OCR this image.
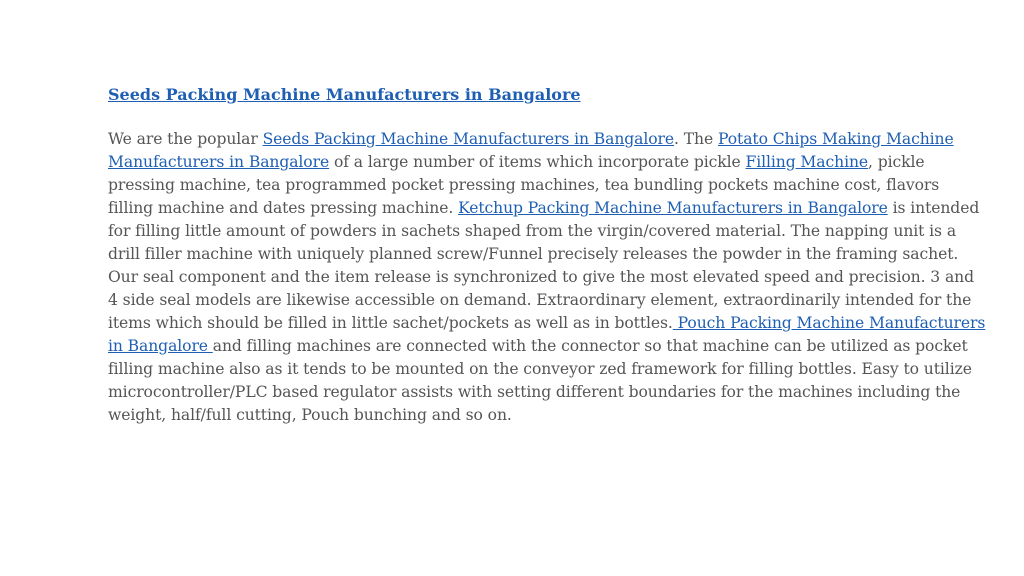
Seeds Packing Machine Manufacturers in Bangalore

We are the popular Seeds Packing Machine Manufacturers in Bangalore. The Potato Chips Making Machine Manufacturers in Bangalore of a large number of items which incorporate pickle Filling Machine, pickle pressing machine, tea programmed pocket pressing machines, tea bundling pockets machine cost, flavors filling machine and dates pressing machine. Ketchup Packing Machine Manufacturers in Bangalore is intended for filling little amount of powders in sachets shaped from the virgin/covered material. The napping unit is a drill filler machine with uniquely planned screw/Funnel precisely releases the powder in the framing sachet. Our seal component and the item release is synchronized to give the most elevated speed and precision. 3 and 4 side seal models are likewise accessible on demand. Extraordinary element, extraordinarily intended for the items which should be filled in little sachet/pockets as well as in bottles. Pouch Packing Machine Manufacturers in Bangalore and filling machines are connected with the connector so that machine can be utilized as pocket filling machine also as it tends to be mounted on the conveyor zed framework for filling bottles. Easy to utilize microcontroller/PLC based regulator assists with setting different boundaries for the machines including the weight, half/full cutting, Pouch bunching and so on.
